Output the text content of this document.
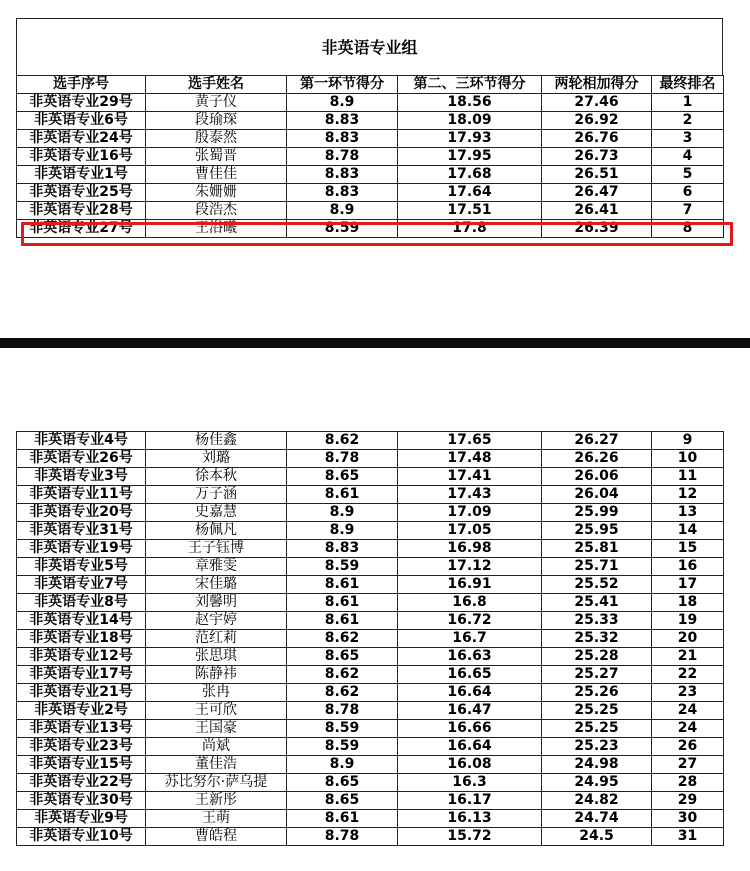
非英语专业组
选手序号	选手姓名	第一环节得分	第二、三环节得分	两轮相加得分	最终排名
非英语专业29号	黄子仪	8.9	18.56	27.46	1
非英语专业6号	段瑜琛	8.83	18.09	26.92	2
非英语专业24号	殷泰然	8.83	17.93	26.76	3
非英语专业16号	张蜀晋	8.78	17.95	26.73	4
非英语专业1号	曹佳佳	8.83	17.68	26.51	5
非英语专业25号	朱姗姗	8.83	17.64	26.47	6
非英语专业28号	段浩杰	8.9	17.51	26.41	7
非英语专业27号	王浴曦	8.59	17.8	26.39	8
非英语专业4号	杨佳鑫	8.62	17.65	26.27	9
非英语专业26号	刘璐	8.78	17.48	26.26	10
非英语专业3号	徐本秋	8.65	17.41	26.06	11
非英语专业11号	万子涵	8.61	17.43	26.04	12
非英语专业20号	史嘉慧	8.9	17.09	25.99	13
非英语专业31号	杨佩凡	8.9	17.05	25.95	14
非英语专业19号	王子钰博	8.83	16.98	25.81	15
非英语专业5号	章雅雯	8.59	17.12	25.71	16
非英语专业7号	宋佳璐	8.61	16.91	25.52	17
非英语专业8号	刘馨明	8.61	16.8	25.41	18
非英语专业14号	赵宇婷	8.61	16.72	25.33	19
非英语专业18号	范红莉	8.62	16.7	25.32	20
非英语专业12号	张思琪	8.65	16.63	25.28	21
非英语专业17号	陈静祎	8.62	16.65	25.27	22
非英语专业21号	张冉	8.62	16.64	25.26	23
非英语专业2号	王可欣	8.78	16.47	25.25	24
非英语专业13号	王国豪	8.59	16.66	25.25	24
非英语专业23号	尚斌	8.59	16.64	25.23	26
非英语专业15号	董佳浩	8.9	16.08	24.98	27
非英语专业22号	苏比努尔·萨乌提	8.65	16.3	24.95	28
非英语专业30号	王新彤	8.65	16.17	24.82	29
非英语专业9号	王萌	8.61	16.13	24.74	30
非英语专业10号	曹皓程	8.78	15.72	24.5	31
